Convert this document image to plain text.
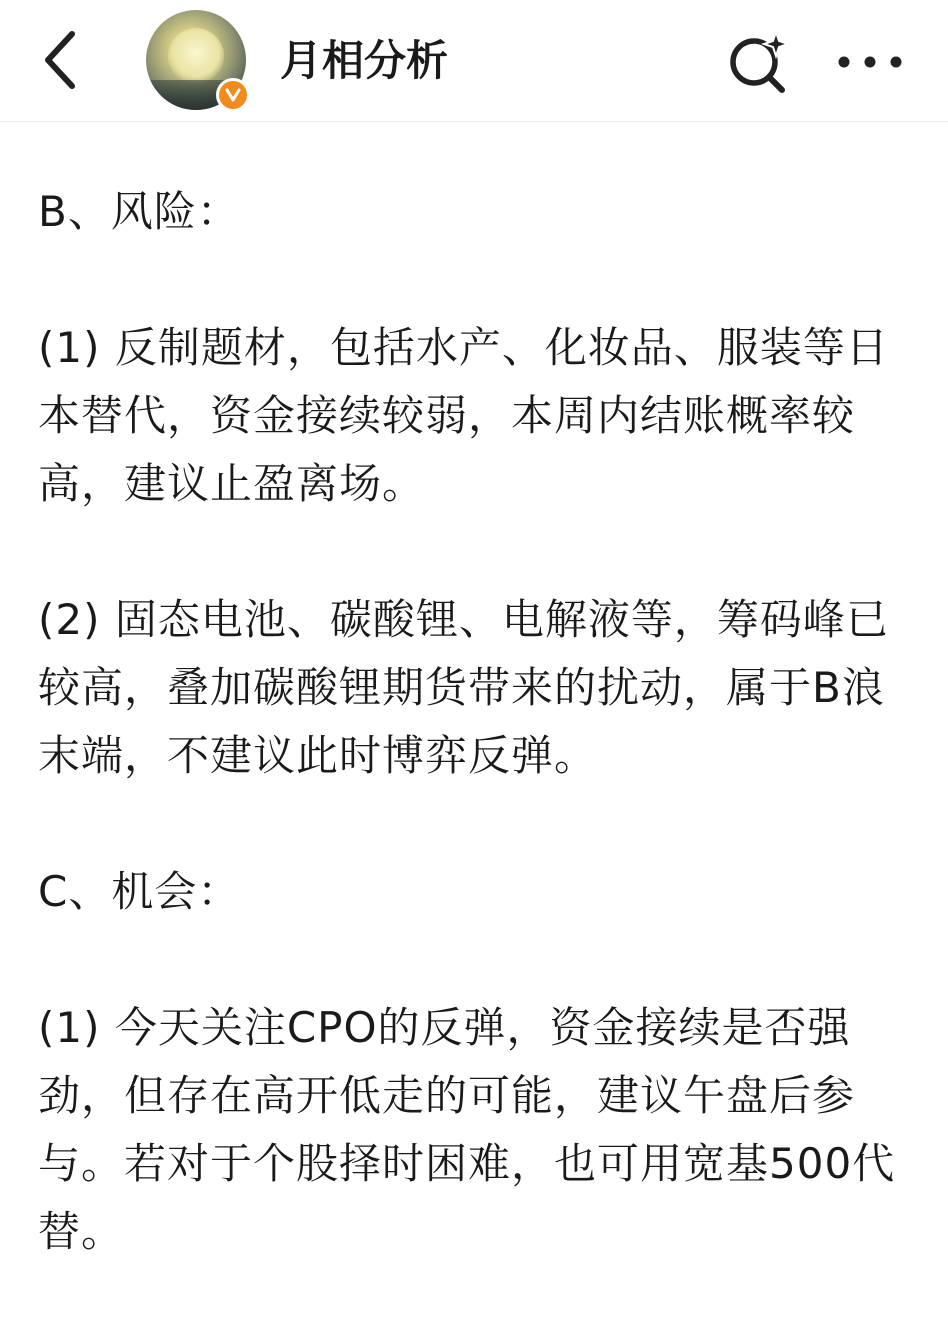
月相分析

B、风险：

(1) 反制题材，包括水产、化妆品、服装等日本替代，资金接续较弱，本周内结账概率较高，建议止盈离场。

(2) 固态电池、碳酸锂、电解液等，筹码峰已较高，叠加碳酸锂期货带来的扰动，属于B浪末端，不建议此时博弈反弹。

C、机会：

(1) 今天关注CPO的反弹，资金接续是否强劲，但存在高开低走的可能，建议午盘后参与。若对于个股择时困难，也可用宽基500代替。
